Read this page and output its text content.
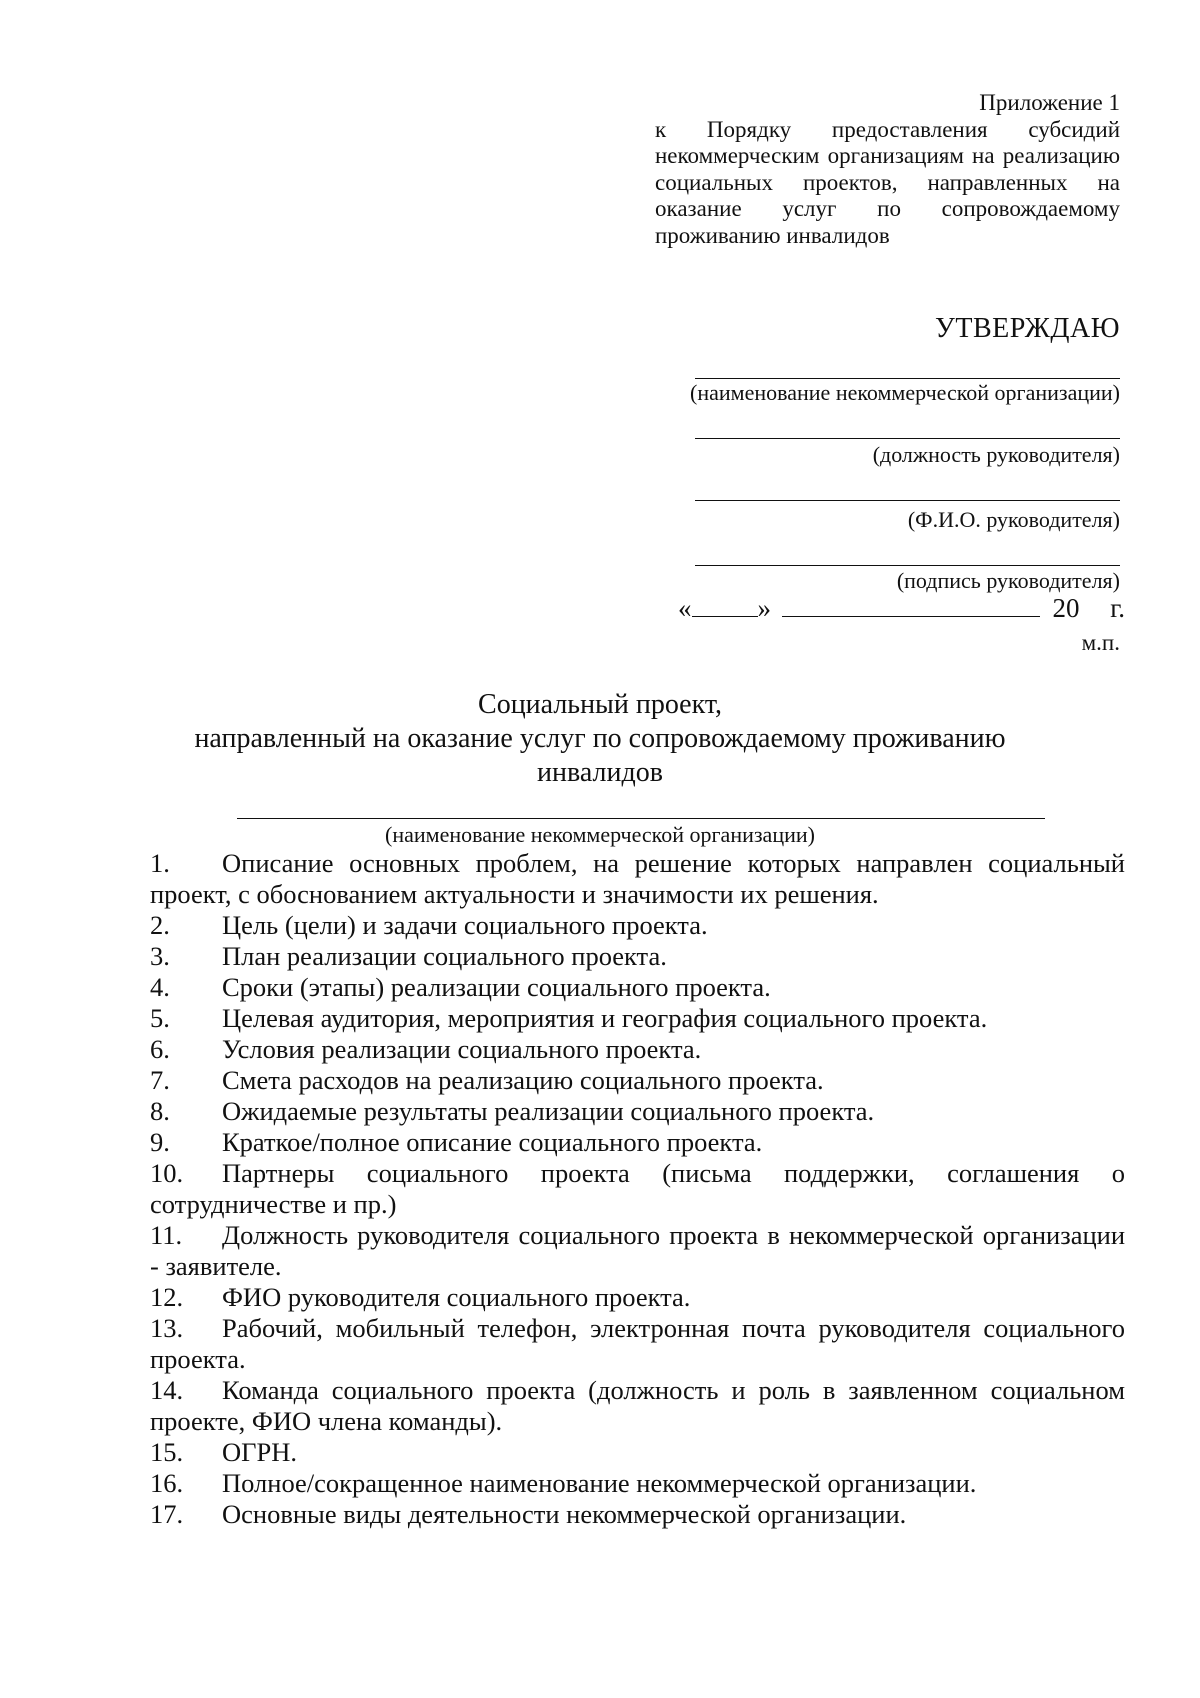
Приложение 1
к Порядку предоставления субсидий некоммерческим организациям на реализацию социальных проектов, направленных на оказание услуг по сопровождаемому проживанию инвалидов
УТВЕРЖДАЮ
(наименование некоммерческой организации)
(должность руководителя)
(Ф.И.О. руководителя)
(подпись руководителя)
« »	20 г.
м.п.
Социальный проект,
направленный на оказание услуг по сопровождаемому проживанию
инвалидов
(наименование некоммерческой организации)
1. Описание основных проблем, на решение которых направлен социальный проект, с обоснованием актуальности и значимости их решения.
2. Цель (цели) и задачи социального проекта.
3. План реализации социального проекта.
4. Сроки (этапы) реализации социального проекта.
5. Целевая аудитория, мероприятия и география социального проекта.
6. Условия реализации социального проекта.
7. Смета расходов на реализацию социального проекта.
8. Ожидаемые результаты реализации социального проекта.
9. Краткое/полное описание социального проекта.
10. Партнеры социального проекта (письма поддержки, соглашения о сотрудничестве и пр.)
11. Должность руководителя социального проекта в некоммерческой организации - заявителе.
12. ФИО руководителя социального проекта.
13. Рабочий, мобильный телефон, электронная почта руководителя социального проекта.
14. Команда социального проекта (должность и роль в заявленном социальном проекте, ФИО члена команды).
15. ОГРН.
16. Полное/сокращенное наименование некоммерческой организации.
17. Основные виды деятельности некоммерческой организации.
